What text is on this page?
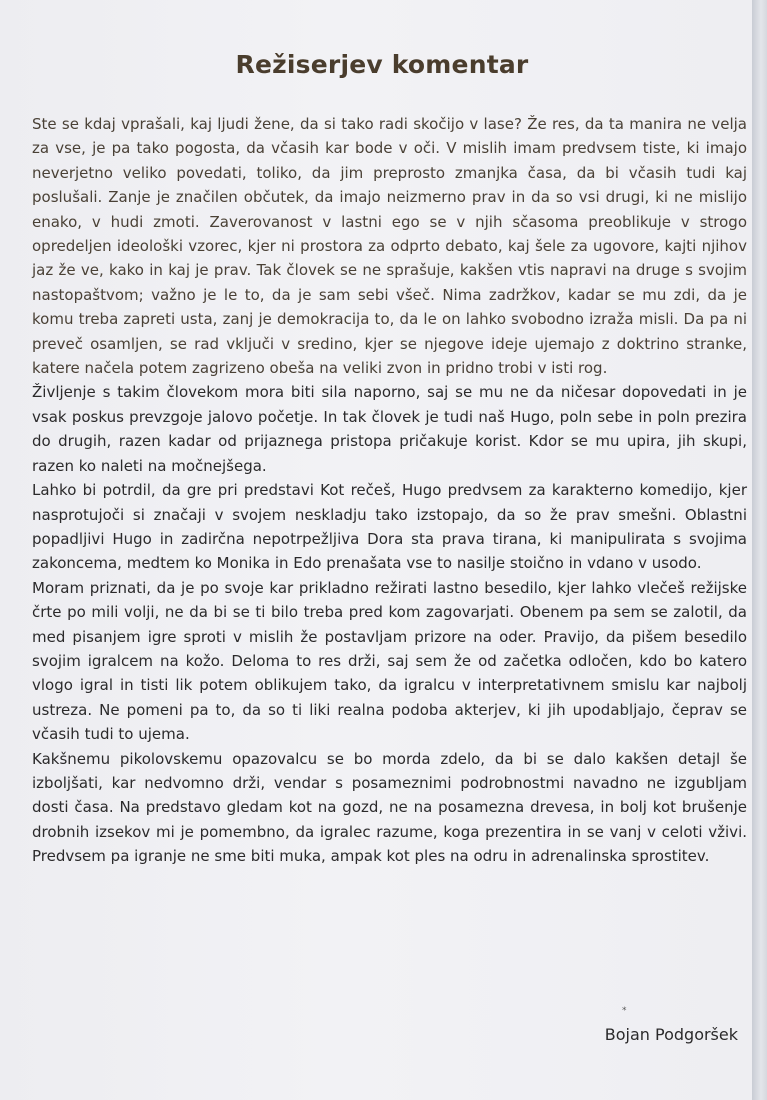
Režiserjev komentar

Ste se kdaj vprašali, kaj ljudi žene, da si tako radi skočijo v lase? Že res, da ta manira ne velja za vse, je pa tako pogosta, da včasih kar bode v oči. V mislih imam predvsem tiste, ki imajo neverjetno veliko povedati, toliko, da jim preprosto zmanjka časa, da bi včasih tudi kaj poslušali. Zanje je značilen občutek, da imajo neizmerno prav in da so vsi drugi, ki ne mislijo enako, v hudi zmoti. Zaverovanost v lastni ego se v njih sčasoma preoblikuje v strogo opredeljen ideološki vzorec, kjer ni prostora za odprto debato, kaj šele za ugovore, kajti njihov jaz že ve, kako in kaj je prav. Tak človek se ne sprašuje, kakšen vtis napravi na druge s svojim nastopaštvom; važno je le to, da je sam sebi všeč. Nima zadržkov, kadar se mu zdi, da je komu treba zapreti usta, zanj je demokracija to, da le on lahko svobodno izraža misli. Da pa ni preveč osamljen, se rad vključi v sredino, kjer se njegove ideje ujemajo z doktrino stranke, katere načela potem zagrizeno obeša na veliki zvon in pridno trobi v isti rog.

Življenje s takim človekom mora biti sila naporno, saj se mu ne da ničesar dopovedati in je vsak poskus prevzgoje jalovo početje. In tak človek je tudi naš Hugo, poln sebe in poln prezira do drugih, razen kadar od prijaznega pristopa pričakuje korist. Kdor se mu upira, jih skupi, razen ko naleti na močnejšega.

Lahko bi potrdil, da gre pri predstavi Kot rečeš, Hugo predvsem za karakterno komedijo, kjer nasprotujoči si značaji v svojem neskladju tako izstopajo, da so že prav smešni. Oblastni popadljivi Hugo in zadirčna nepotrpežljiva Dora sta prava tirana, ki manipulirata s svojima zakoncema, medtem ko Monika in Edo prenašata vse to nasilje stoično in vdano v usodo.

Moram priznati, da je po svoje kar prikladno režirati lastno besedilo, kjer lahko vlečeš režijske črte po mili volji, ne da bi se ti bilo treba pred kom zagovarjati. Obenem pa sem se zalotil, da med pisanjem igre sproti v mislih že postavljam prizore na oder. Pravijo, da pišem besedilo svojim igralcem na kožo. Deloma to res drži, saj sem že od začetka odločen, kdo bo katero vlogo igral in tisti lik potem oblikujem tako, da igralcu v interpretativnem smislu kar najbolj ustreza. Ne pomeni pa to, da so ti liki realna podoba akterjev, ki jih upodabljajo, čeprav se včasih tudi to ujema.

Kakšnemu pikolovskemu opazovalcu se bo morda zdelo, da bi se dalo kakšen detajl še izboljšati, kar nedvomno drži, vendar s posameznimi podrobnostmi navadno ne izgubljam dosti časa. Na predstavo gledam kot na gozd, ne na posamezna drevesa, in bolj kot brušenje drobnih izsekov mi je pomembno, da igralec razume, koga prezentira in se vanj v celoti vživi. Predvsem pa igranje ne sme biti muka, ampak kot ples na odru in adrenalinska sprostitev.

*
Bojan Podgoršek
